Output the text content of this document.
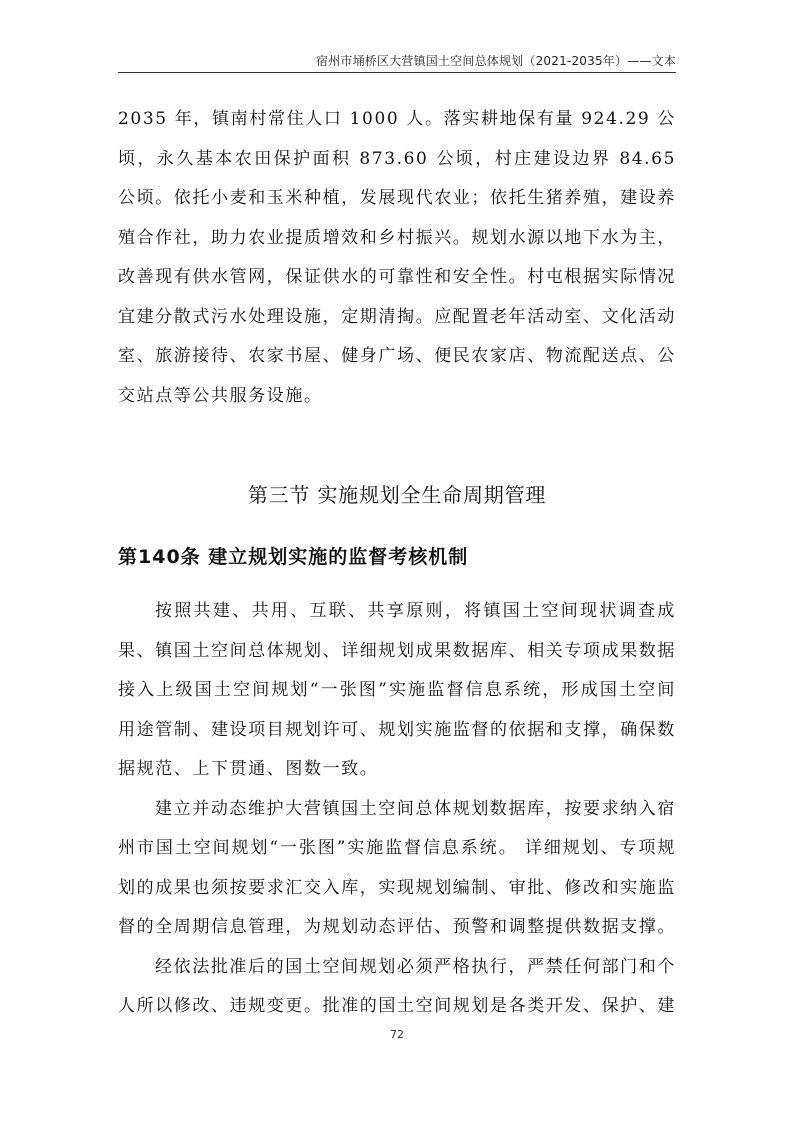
宿州市埇桥区大营镇国土空间总体规划（2021-2035年）——文本

2035 年，镇南村常住人口 1000 人。落实耕地保有量 924.29 公顷，永久基本农田保护面积 873.60 公顷，村庄建设边界 84.65 公顷。依托小麦和玉米种植，发展现代农业；依托生猪养殖，建设养殖合作社，助力农业提质增效和乡村振兴。规划水源以地下水为主，改善现有供水管网，保证供水的可靠性和安全性。村屯根据实际情况宜建分散式污水处理设施，定期清掏。应配置老年活动室、文化活动室、旅游接待、农家书屋、健身广场、便民农家店、物流配送点、公交站点等公共服务设施。

第三节 实施规划全生命周期管理
第140条 建立规划实施的监督考核机制

按照共建、共用、互联、共享原则，将镇国土空间现状调查成果、镇国土空间总体规划、详细规划成果数据库、相关专项成果数据接入上级国土空间规划“一张图”实施监督信息系统，形成国土空间用途管制、建设项目规划许可、规划实施监督的依据和支撑，确保数据规范、上下贯通、图数一致。

建立并动态维护大营镇国土空间总体规划数据库，按要求纳入宿州市国土空间规划“一张图”实施监督信息系统。 详细规划、专项规划的成果也须按要求汇交入库，实现规划编制、审批、修改和实施监督的全周期信息管理，为规划动态评估、预警和调整提供数据支撑。

经依法批准后的国土空间规划必须严格执行，严禁任何部门和个人所以修改、违规变更。批准的国土空间规划是各类开发、保护、建

72
